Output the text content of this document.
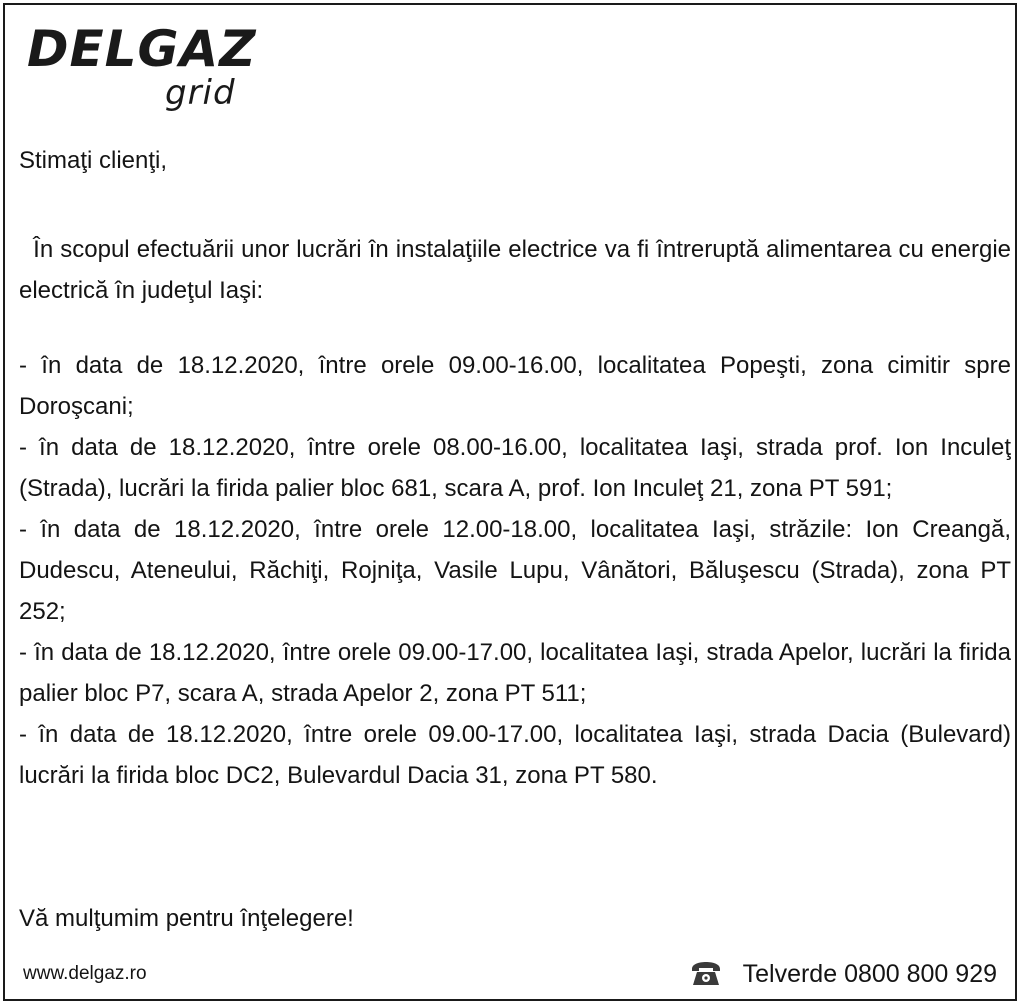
DELGAZ
grid

Stimaţi clienţi,

În scopul efectuării unor lucrări în instalaţiile electrice va fi întreruptă alimentarea cu energie electrică în judeţul Iaşi:

- în data de 18.12.2020, între orele 09.00-16.00, localitatea Popeşti, zona cimitir spre Doroşcani;
- în data de 18.12.2020, între orele 08.00-16.00, localitatea Iaşi, strada prof. Ion Inculeţ (Strada), lucrări la firida palier bloc 681, scara A, prof. Ion Inculeţ 21, zona PT 591;
- în data de 18.12.2020, între orele 12.00-18.00, localitatea Iaşi, străzile: Ion Creangă, Dudescu, Ateneului, Răchiţi, Rojniţa, Vasile Lupu, Vânători, Băluşescu (Strada), zona PT 252;
- în data de 18.12.2020, între orele 09.00-17.00, localitatea Iaşi, strada Apelor, lucrări la firida palier bloc P7, scara A, strada Apelor 2, zona PT 511;
- în data de 18.12.2020, între orele 09.00-17.00, localitatea Iaşi, strada Dacia (Bulevard) lucrări la firida bloc DC2, Bulevardul Dacia 31, zona PT 580.

Vă mulţumim pentru înţelegere!

www.delgaz.ro	Telverde 0800 800 929
